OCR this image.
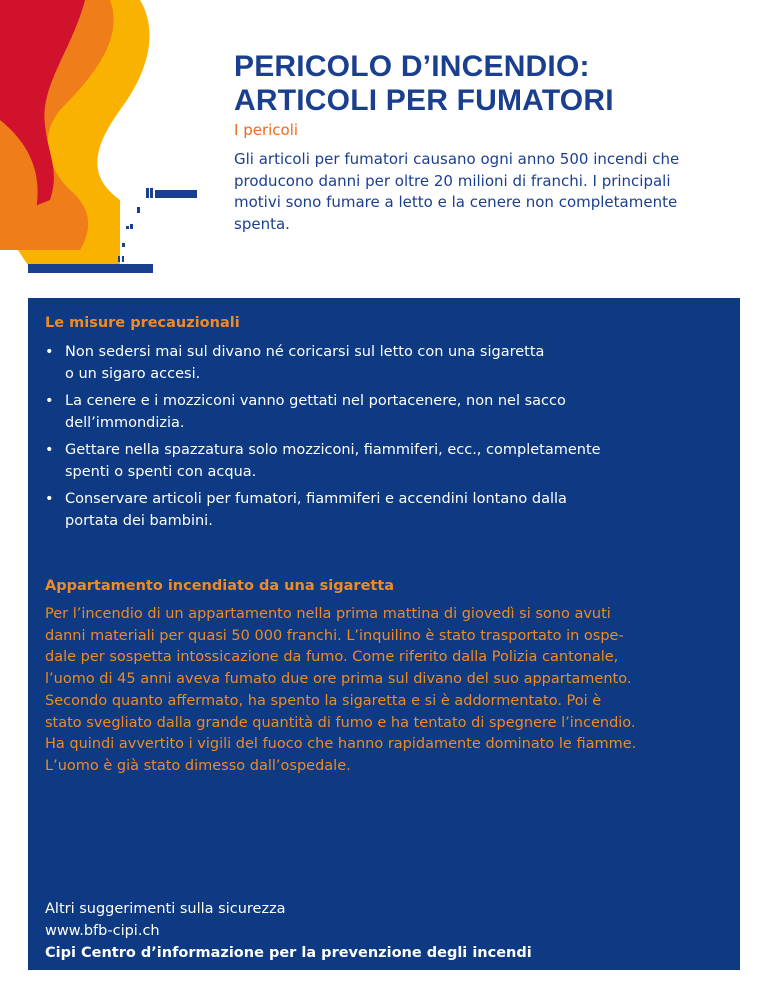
PERICOLO D’INCENDIO:
ARTICOLI PER FUMATORI
I pericoli

Gli articoli per fumatori causano ogni anno 500 incendi che
producono danni per oltre 20 milioni di franchi. I principali
motivi sono fumare a letto e la cenere non completamente
spenta.

Le misure precauzionali
• Non sedersi mai sul divano né coricarsi sul letto con una sigaretta
o un sigaro accesi.
• La cenere e i mozziconi vanno gettati nel portacenere, non nel sacco
dell’immondizia.
• Gettare nella spazzatura solo mozziconi, fiammiferi, ecc., completamente
spenti o spenti con acqua.
• Conservare articoli per fumatori, fiammiferi e accendini lontano dalla
portata dei bambini.
Appartamento incendiato da una sigaretta
Per l’incendio di un appartamento nella prima mattina di giovedì si sono avuti
danni materiali per quasi 50 000 franchi. L’inquilino è stato trasportato in ospe-
dale per sospetta intossicazione da fumo. Come riferito dalla Polizia cantonale,
l’uomo di 45 anni aveva fumato due ore prima sul divano del suo appartamento.
Secondo quanto affermato, ha spento la sigaretta e si è addormentato. Poi è
stato svegliato dalla grande quantità di fumo e ha tentato di spegnere l’incendio.
Ha quindi avvertito i vigili del fuoco che hanno rapidamente dominato le fiamme.
L’uomo è già stato dimesso dall’ospedale.
Altri suggerimenti sulla sicurezza
www.bfb-cipi.ch
Cipi Centro d’informazione per la prevenzione degli incendi
